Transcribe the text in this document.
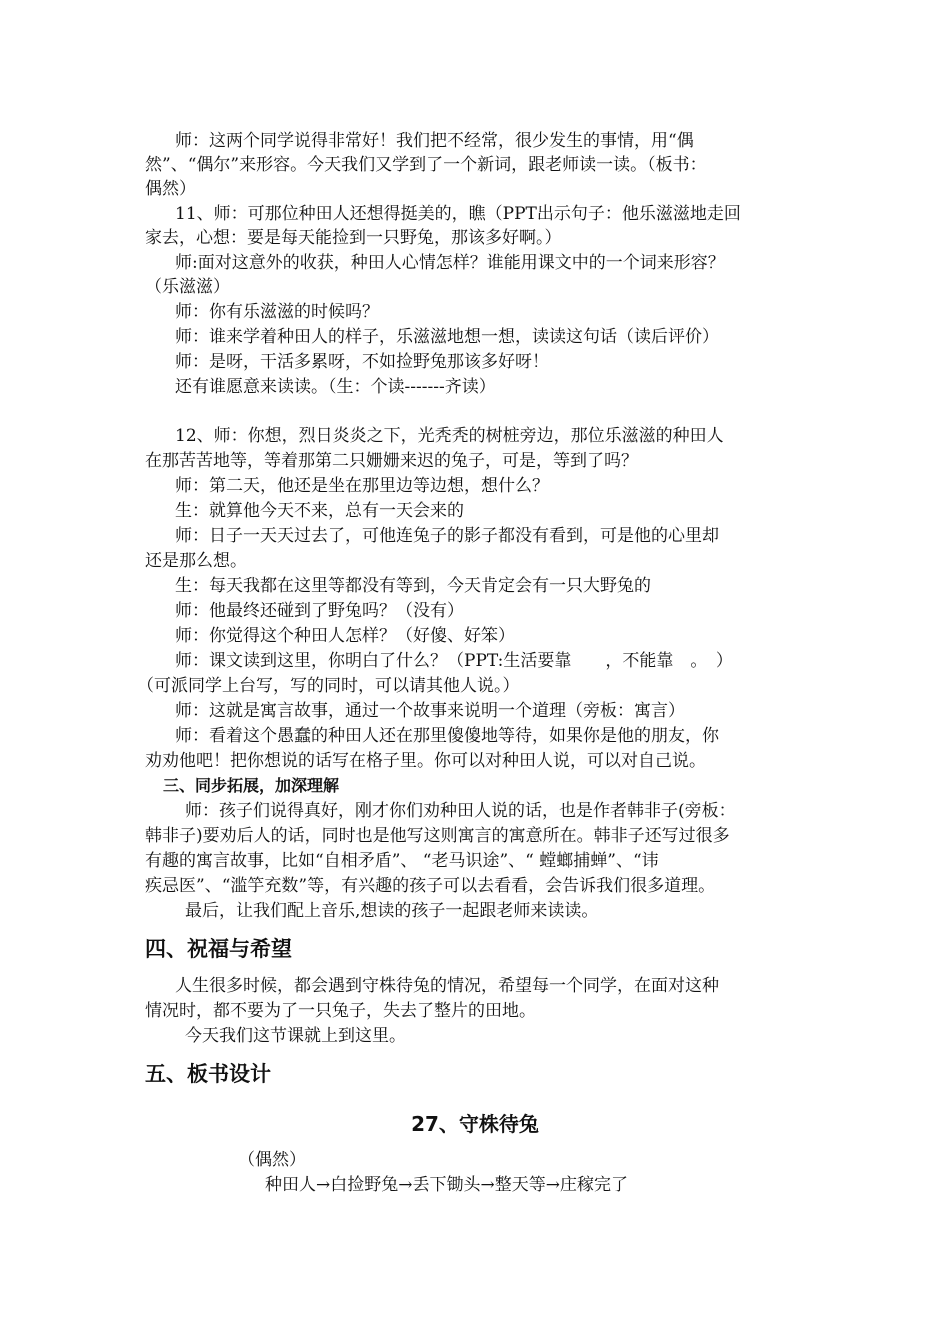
师：这两个同学说得非常好！我们把不经常，很少发生的事情，用“偶
然”、“偶尔”来形容。今天我们又学到了一个新词，跟老师读一读。（板书：
偶然）
11、师：可那位种田人还想得挺美的，瞧（PPT出示句子：他乐滋滋地走回
家去，心想：要是每天能捡到一只野兔，那该多好啊。）
师:面对这意外的收获，种田人心情怎样？谁能用课文中的一个词来形容？
（乐滋滋）
师：你有乐滋滋的时候吗？
师：谁来学着种田人的样子，乐滋滋地想一想，读读这句话（读后评价）
师：是呀，干活多累呀，不如捡野兔那该多好呀！
还有谁愿意来读读。（生：个读-------齐读）
12、师：你想，烈日炎炎之下，光秃秃的树桩旁边，那位乐滋滋的种田人
在那苦苦地等，等着那第二只姗姗来迟的兔子，可是，等到了吗？
师：第二天，他还是坐在那里边等边想，想什么？
生：就算他今天不来，总有一天会来的
师：日子一天天过去了，可他连兔子的影子都没有看到，可是他的心里却
还是那么想。
生：每天我都在这里等都没有等到，今天肯定会有一只大野兔的
师：他最终还碰到了野兔吗？（没有）
师：你觉得这个种田人怎样？（好傻、好笨）
师：课文读到这里，你明白了什么？（PPT:生活要靠　　，不能靠　。　）
（可派同学上台写，写的同时，可以请其他人说。）
师：这就是寓言故事，通过一个故事来说明一个道理（旁板：寓言）
师：看着这个愚蠢的种田人还在那里傻傻地等待，如果你是他的朋友，你
劝劝他吧！把你想说的话写在格子里。你可以对种田人说，可以对自己说。
三、同步拓展，加深理解
师：孩子们说得真好，刚才你们劝种田人说的话，也是作者韩非子(旁板：
韩非子)要劝后人的话，同时也是他写这则寓言的寓意所在。韩非子还写过很多
有趣的寓言故事，比如“自相矛盾”、 “老马识途”、“ 螳螂捕蝉”、“讳
疾忌医”、“滥竽充数”等，有兴趣的孩子可以去看看，会告诉我们很多道理。
最后，让我们配上音乐,想读的孩子一起跟老师来读读。
四、祝福与希望
人生很多时候，都会遇到守株待兔的情况，希望每一个同学，在面对这种
情况时，都不要为了一只兔子，失去了整片的田地。
今天我们这节课就上到这里。
五、板书设计
27、守株待兔
（偶然）
种田人→白捡野兔→丢下锄头→整天等→庄稼完了
